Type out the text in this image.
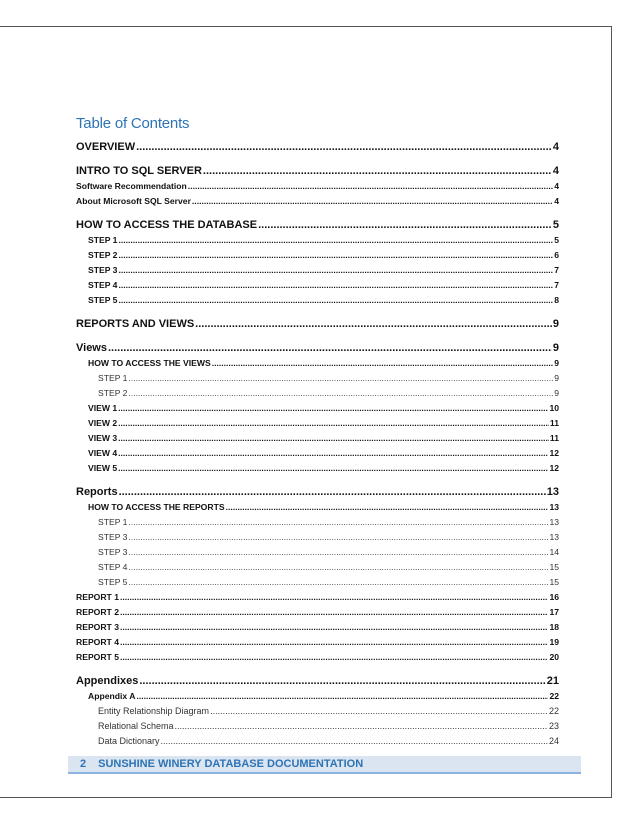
Table of Contents
OVERVIEW .....	4
INTRO TO SQL SERVER .....	4
Software Recommendation .....	4
About Microsoft SQL Server .....	4
HOW TO ACCESS THE DATABASE .....	5
STEP 1 .....	5
STEP 2 .....	6
STEP 3 .....	7
STEP 4 .....	7
STEP 5 .....	8
REPORTS AND VIEWS .....	9
Views .....	9
HOW TO ACCESS THE VIEWS .....	9
STEP 1 .....	9
STEP 2 .....	9
VIEW 1 .....	10
VIEW 2 .....	11
VIEW 3 .....	11
VIEW 4 .....	12
VIEW 5 .....	12
Reports .....	13
HOW TO ACCESS THE REPORTS .....	13
STEP 1 .....	13
STEP 3 .....	13
STEP 3 .....	14
STEP 4 .....	15
STEP 5 .....	15
REPORT 1 .....	16
REPORT 2 .....	17
REPORT 3 .....	18
REPORT 4 .....	19
REPORT 5 .....	20
Appendixes .....	21
Appendix A .....	22
Entity Relationship Diagram .....	22
Relational Schema .....	23
Data Dictionary .....	24
2	SUNSHINE WINERY DATABASE DOCUMENTATION
